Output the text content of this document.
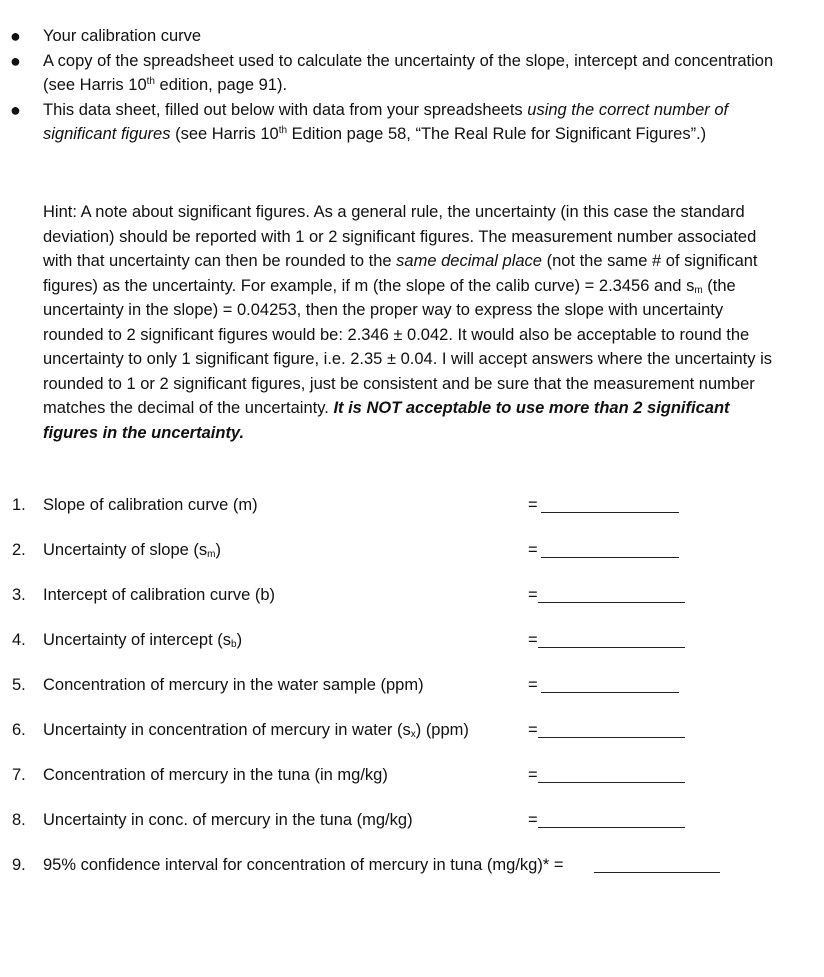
● Your calibration curve
● A copy of the spreadsheet used to calculate the uncertainty of the slope, intercept and concentration (see Harris 10th edition, page 91).
● This data sheet, filled out below with data from your spreadsheets using the correct number of significant figures (see Harris 10th Edition page 58, “The Real Rule for Significant Figures”.)

Hint: A note about significant figures. As a general rule, the uncertainty (in this case the standard deviation) should be reported with 1 or 2 significant figures. The measurement number associated with that uncertainty can then be rounded to the same decimal place (not the same # of significant figures) as the uncertainty. For example, if m (the slope of the calib curve) = 2.3456 and $s_m$ (the uncertainty in the slope) = 0.04253, then the proper way to express the slope with uncertainty rounded to 2 significant figures would be: 2.346 ± 0.042. It would also be acceptable to round the uncertainty to only 1 significant figure, i.e. 2.35 ± 0.04. I will accept answers where the uncertainty is rounded to 1 or 2 significant figures, just be consistent and be sure that the measurement number matches the decimal of the uncertainty. It is NOT acceptable to use more than 2 significant figures in the uncertainty.

1. Slope of calibration curve (m)	=
2. Uncertainty of slope $(s_m)$	=
3. Intercept of calibration curve (b)	=
4. Uncertainty of intercept $(s_b)$	=
5. Concentration of mercury in the water sample (ppm)	=
6. Uncertainty in concentration of mercury in water $(s_x)$ (ppm)	=
7. Concentration of mercury in the tuna (in mg/kg)	=
8. Uncertainty in conc. of mercury in the tuna (mg/kg)	=
9. 95% confidence interval for concentration of mercury in tuna (mg/kg)* =
